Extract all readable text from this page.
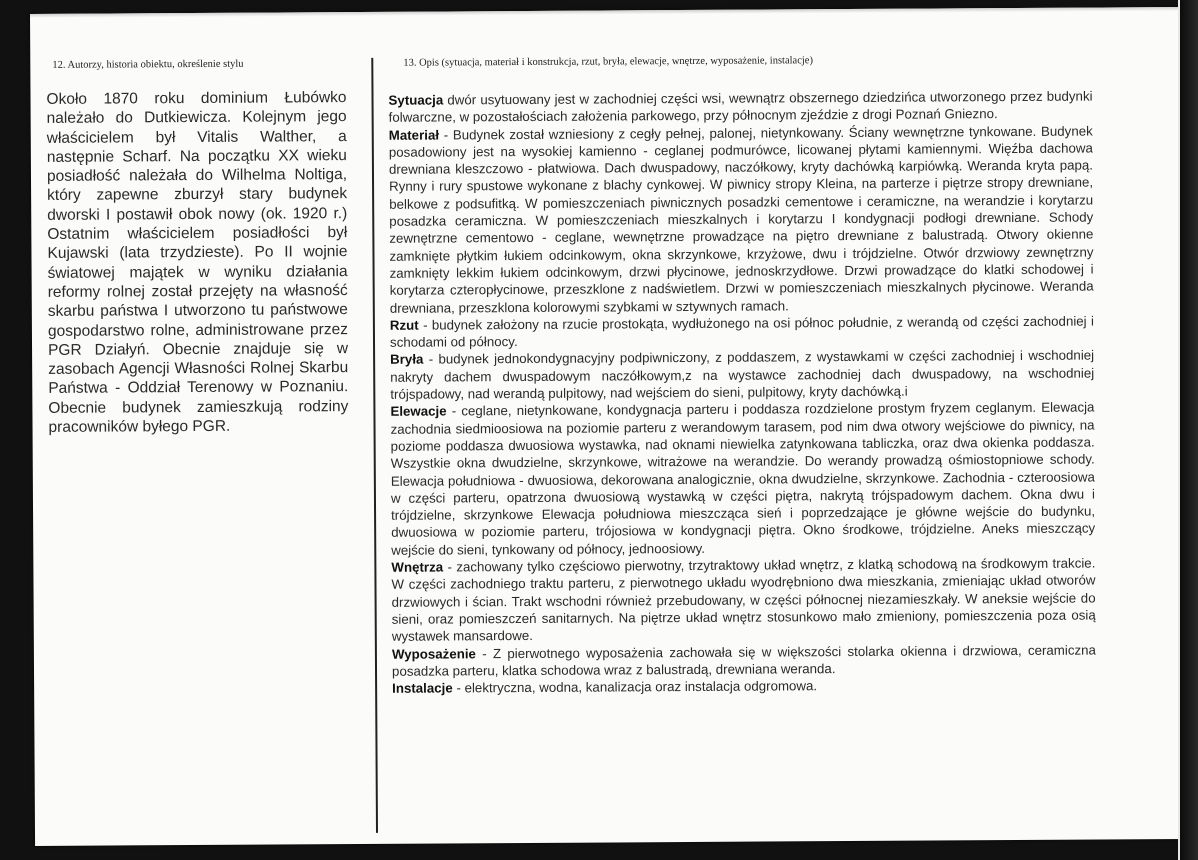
12. Autorzy, historia obiektu, określenie stylu	13. Opis (sytuacja, materiał i konstrukcja, rzut, bryła, elewacje, wnętrze, wyposażenie, instalacje)

Około 1870 roku dominium Łubówko należało do Dutkiewicza. Kolejnym jego właścicielem był Vitalis Walther, a następnie Scharf. Na początku XX wieku posiadłość należała do Wilhelma Noltiga, który zapewne zburzył stary budynek dworski I postawił obok nowy (ok. 1920 r.) Ostatnim właścicielem posiadłości był Kujawski (lata trzydzieste). Po II wojnie światowej majątek w wyniku działania reformy rolnej został przejęty na własność skarbu państwa I utworzono tu państwowe gospodarstwo rolne, administrowane przez PGR Działyń. Obecnie znajduje się w zasobach Agencji Własności Rolnej Skarbu Państwa - Oddział Terenowy w Poznaniu. Obecnie budynek zamieszkują rodziny pracowników byłego PGR.

Sytuacja dwór usytuowany jest w zachodniej części wsi, wewnątrz obszernego dziedzińca utworzonego przez budynki folwarczne, w pozostałościach założenia parkowego, przy północnym zjeździe z drogi Poznań Gniezno.

Materiał - Budynek został wzniesiony z cegły pełnej, palonej, nietynkowany. Ściany wewnętrzne tynkowane. Budynek posadowiony jest na wysokiej kamienno - ceglanej podmurówce, licowanej płytami kamiennymi. Więźba dachowa drewniana kleszczowo - płatwiowa. Dach dwuspadowy, naczółkowy, kryty dachówką karpiówką. Weranda kryta papą. Rynny i rury spustowe wykonane z blachy cynkowej. W piwnicy stropy Kleina, na parterze i piętrze stropy drewniane, belkowe z podsufitką. W pomieszczeniach piwnicznych posadzki cementowe i ceramiczne, na werandzie i korytarzu posadzka ceramiczna. W pomieszczeniach mieszkalnych i korytarzu I kondygnacji podłogi drewniane. Schody zewnętrzne cementowo - ceglane, wewnętrzne prowadzące na piętro drewniane z balustradą. Otwory okienne zamknięte płytkim łukiem odcinkowym, okna skrzynkowe, krzyżowe, dwu i trójdzielne. Otwór drzwiowy zewnętrzny zamknięty lekkim łukiem odcinkowym, drzwi płycinowe, jednoskrzydłowe. Drzwi prowadzące do klatki schodowej i korytarza czteropłycinowe, przeszklone z nadświetlem. Drzwi w pomieszczeniach mieszkalnych płycinowe. Weranda drewniana, przeszklona kolorowymi szybkami w sztywnych ramach.

Rzut - budynek założony na rzucie prostokąta, wydłużonego na osi północ południe, z werandą od części zachodniej i schodami od północy.

Bryła - budynek jednokondygnacyjny podpiwniczony, z poddaszem, z wystawkami w części zachodniej i wschodniej nakryty dachem dwuspadowym naczółkowym,z na wystawce zachodniej dach dwuspadowy, na wschodniej trójspadowy, nad werandą pulpitowy, nad wejściem do sieni, pulpitowy, kryty dachówką.i

Elewacje - ceglane, nietynkowane, kondygnacja parteru i poddasza rozdzielone prostym fryzem ceglanym. Elewacja zachodnia siedmioosiowa na poziomie parteru z werandowym tarasem, pod nim dwa otwory wejściowe do piwnicy, na poziome poddasza dwuosiowa wystawka, nad oknami niewielka zatynkowana tabliczka, oraz dwa okienka poddasza. Wszystkie okna dwudzielne, skrzynkowe, witrażowe na werandzie. Do werandy prowadzą ośmiostopniowe schody. Elewacja południowa - dwuosiowa, dekorowana analogicznie, okna dwudzielne, skrzynkowe. Zachodnia - czteroosiowa w części parteru, opatrzona dwuosiową wystawką w części piętra, nakrytą trójspadowym dachem. Okna dwu i trójdzielne, skrzynkowe Elewacja południowa mieszcząca sień i poprzedzające je główne wejście do budynku, dwuosiowa w poziomie parteru, trójosiowa w kondygnacji piętra. Okno środkowe, trójdzielne. Aneks mieszczący wejście do sieni, tynkowany od północy, jednoosiowy.

Wnętrza - zachowany tylko częściowo pierwotny, trzytraktowy układ wnętrz, z klatką schodową na środkowym trakcie. W części zachodniego traktu parteru, z pierwotnego układu wyodrębniono dwa mieszkania, zmieniając układ otworów drzwiowych i ścian. Trakt wschodni również przebudowany, w części północnej niezamieszkały. W aneksie wejście do sieni, oraz pomieszczeń sanitarnych. Na piętrze układ wnętrz stosunkowo mało zmieniony, pomieszczenia poza osią wystawek mansardowe.

Wyposażenie - Z pierwotnego wyposażenia zachowała się w większości stolarka okienna i drzwiowa, ceramiczna posadzka parteru, klatka schodowa wraz z balustradą, drewniana weranda.

Instalacje - elektryczna, wodna, kanalizacja oraz instalacja odgromowa.
